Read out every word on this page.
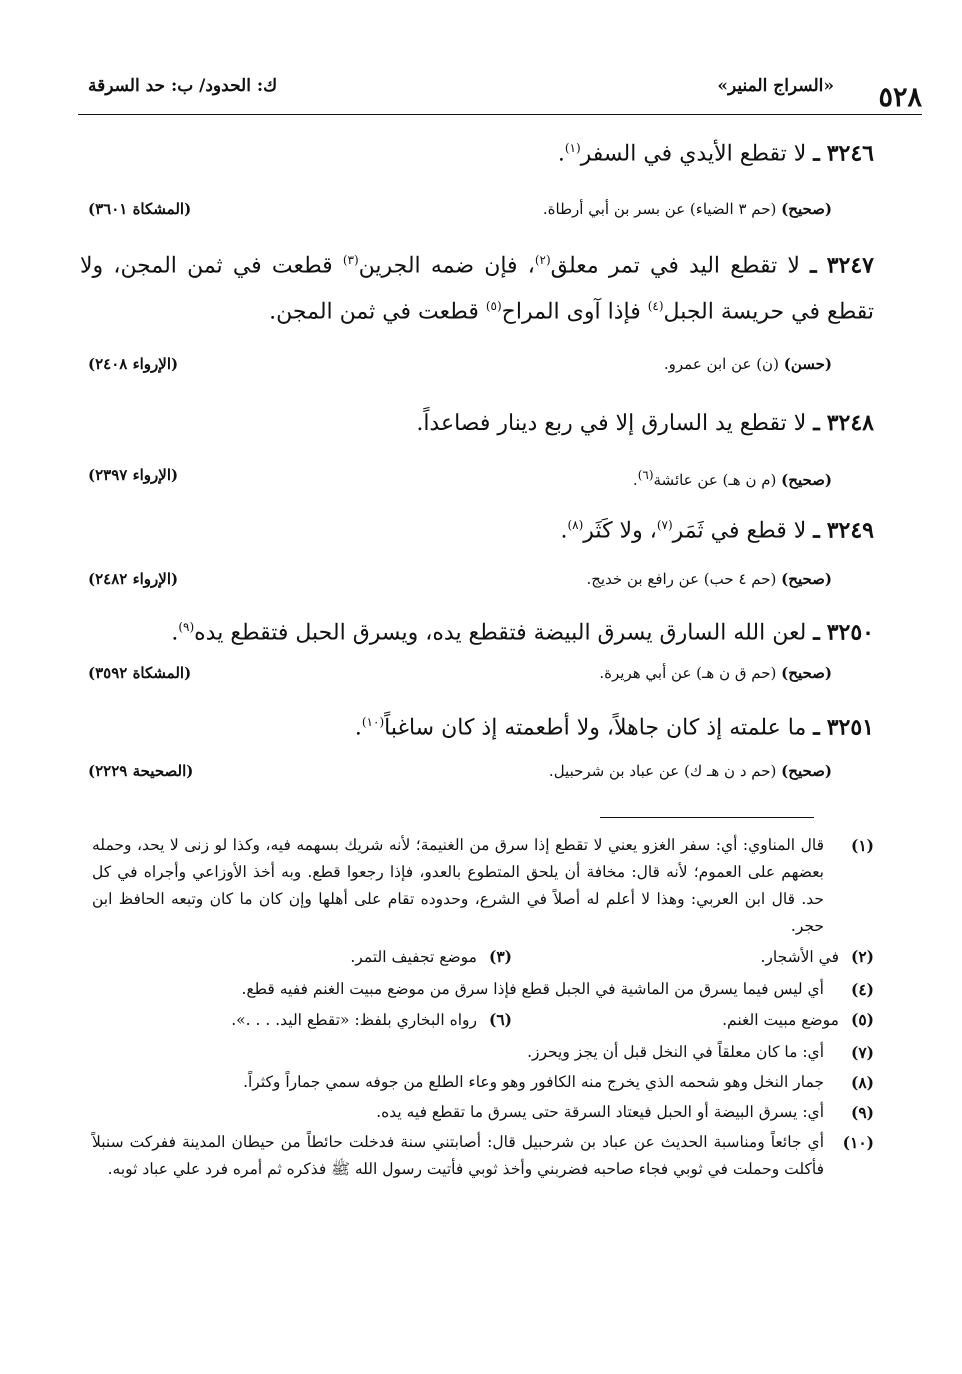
٥٢٨
«السراج المنير»
ك: الحدود/ ب: حد السرقة

٣٢٤٦ ـ لا تقطع الأيدي في السفر$^{(١)}$.

(صحيح) (حم ٣ الضياء) عن بسر بن أبي أرطاة.
(المشكاة ٣٦٠١)

٣٢٤٧ ـ لا تقطع اليد في تمر معلق$^{(٢)}$، فإن ضمه الجرين$^{(٣)}$ قطعت في ثمن المجن، ولا تقطع في حريسة الجبل$^{(٤)}$ فإذا آوى المراح$^{(٥)}$ قطعت في ثمن المجن.

(حسن) (ن) عن ابن عمرو.
(الإرواء ٢٤٠٨)

٣٢٤٨ ـ لا تقطع يد السارق إلا في ربع دينار فصاعداً.

(صحيح) (م ن هـ) عن عائشة$^{(٦)}$.
(الإرواء ٢٣٩٧)

٣٢٤٩ ـ لا قطع في ثَمَر$^{(٧)}$، ولا كَثَر$^{(٨)}$.

(صحيح) (حم ٤ حب) عن رافع بن خديج.
(الإرواء ٢٤٨٢)

٣٢٥٠ ـ لعن الله السارق يسرق البيضة فتقطع يده، ويسرق الحبل فتقطع يده$^{(٩)}$.

(صحيح) (حم ق ن هـ) عن أبي هريرة.
(المشكاة ٣٥٩٢)

٣٢٥١ ـ ما علمته إذ كان جاهلاً، ولا أطعمته إذ كان ساغباً$^{(١٠)}$.

(صحيح) (حم د ن هـ ك) عن عباد بن شرحبيل.
(الصحيحة ٢٢٢٩)
(١)
قال المناوي: أي: سفر الغزو يعني لا تقطع إذا سرق من الغنيمة؛ لأنه شريك بسهمه فيه، وكذا لو زنى لا يحد، وحمله بعضهم على العموم؛ لأنه قال: مخافة أن يلحق المتطوع بالعدو، فإذا رجعوا قطع. وبه أخذ الأوزاعي وأجراه في كل حد. قال ابن العربي: وهذا لا أعلم له أصلاً في الشرع، وحدوده تقام على أهلها وإن كان ما كان وتبعه الحافظ ابن حجر.
(٢)في الأشجار.
(٣)موضع تجفيف التمر.
(٤)
أي ليس فيما يسرق من الماشية في الجبل قطع فإذا سرق من موضع مبيت الغنم ففيه قطع.
(٥)موضع مبيت الغنم.
(٦)رواه البخاري بلفظ: «تقطع اليد. . . .».
(٧)
أي: ما كان معلقاً في النخل قبل أن يجز ويحرز.
(٨)
جمار النخل وهو شحمه الذي يخرج منه الكافور وهو وعاء الطلع من جوفه سمي جماراً وكثراً.
(٩)
أي: يسرق البيضة أو الحبل فيعتاد السرقة حتى يسرق ما تقطع فيه يده.
(١٠)
أي جائعاً ومناسبة الحديث عن عباد بن شرحبيل قال: أصابتني سنة فدخلت حائطاً من حيطان المدينة ففركت سنبلاً فأكلت وحملت في ثوبي فجاء صاحبه فضربني وأخذ ثوبي فأتيت رسول الله ﷺ فذكره ثم أمره فرد علي عباد ثوبه.
